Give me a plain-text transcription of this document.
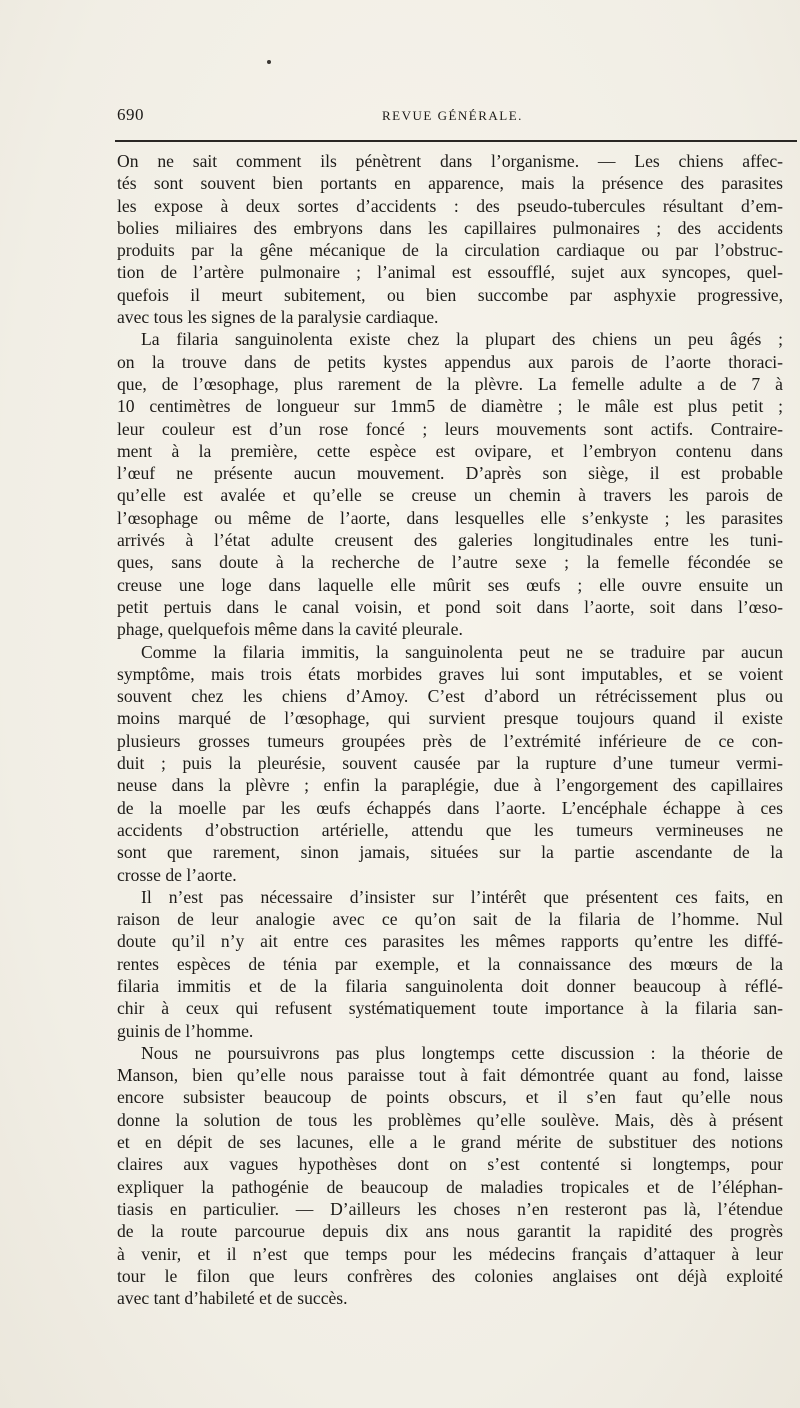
690	REVUE GÉNÉRALE.
On ne sait comment ils pénètrent dans l’organisme. — Les chiens affec-
tés sont souvent bien portants en apparence, mais la présence des parasites
les expose à deux sortes d’accidents : des pseudo-tubercules résultant d’em-
bolies miliaires des embryons dans les capillaires pulmonaires ; des accidents
produits par la gêne mécanique de la circulation cardiaque ou par l’obstruc-
tion de l’artère pulmonaire ; l’animal est essoufflé, sujet aux syncopes, quel-
quefois il meurt subitement, ou bien succombe par asphyxie progressive,
avec tous les signes de la paralysie cardiaque.
La filaria sanguinolenta existe chez la plupart des chiens un peu âgés ;
on la trouve dans de petits kystes appendus aux parois de l’aorte thoraci-
que, de l’œsophage, plus rarement de la plèvre. La femelle adulte a de 7 à
10 centimètres de longueur sur 1mm5 de diamètre ; le mâle est plus petit ;
leur couleur est d’un rose foncé ; leurs mouvements sont actifs. Contraire-
ment à la première, cette espèce est ovipare, et l’embryon contenu dans
l’œuf ne présente aucun mouvement. D’après son siège, il est probable
qu’elle est avalée et qu’elle se creuse un chemin à travers les parois de
l’œsophage ou même de l’aorte, dans lesquelles elle s’enkyste ; les parasites
arrivés à l’état adulte creusent des galeries longitudinales entre les tuni-
ques, sans doute à la recherche de l’autre sexe ; la femelle fécondée se
creuse une loge dans laquelle elle mûrit ses œufs ; elle ouvre ensuite un
petit pertuis dans le canal voisin, et pond soit dans l’aorte, soit dans l’œso-
phage, quelquefois même dans la cavité pleurale.
Comme la filaria immitis, la sanguinolenta peut ne se traduire par aucun
symptôme, mais trois états morbides graves lui sont imputables, et se voient
souvent chez les chiens d’Amoy. C’est d’abord un rétrécissement plus ou
moins marqué de l’œsophage, qui survient presque toujours quand il existe
plusieurs grosses tumeurs groupées près de l’extrémité inférieure de ce con-
duit ; puis la pleurésie, souvent causée par la rupture d’une tumeur vermi-
neuse dans la plèvre ; enfin la paraplégie, due à l’engorgement des capillaires
de la moelle par les œufs échappés dans l’aorte. L’encéphale échappe à ces
accidents d’obstruction artérielle, attendu que les tumeurs vermineuses ne
sont que rarement, sinon jamais, situées sur la partie ascendante de la
crosse de l’aorte.
Il n’est pas nécessaire d’insister sur l’intérêt que présentent ces faits, en
raison de leur analogie avec ce qu’on sait de la filaria de l’homme. Nul
doute qu’il n’y ait entre ces parasites les mêmes rapports qu’entre les diffé-
rentes espèces de ténia par exemple, et la connaissance des mœurs de la
filaria immitis et de la filaria sanguinolenta doit donner beaucoup à réflé-
chir à ceux qui refusent systématiquement toute importance à la filaria san-
guinis de l’homme.
Nous ne poursuivrons pas plus longtemps cette discussion : la théorie de
Manson, bien qu’elle nous paraisse tout à fait démontrée quant au fond, laisse
encore subsister beaucoup de points obscurs, et il s’en faut qu’elle nous
donne la solution de tous les problèmes qu’elle soulève. Mais, dès à présent
et en dépit de ses lacunes, elle a le grand mérite de substituer des notions
claires aux vagues hypothèses dont on s’est contenté si longtemps, pour
expliquer la pathogénie de beaucoup de maladies tropicales et de l’éléphan-
tiasis en particulier. — D’ailleurs les choses n’en resteront pas là, l’étendue
de la route parcourue depuis dix ans nous garantit la rapidité des progrès
à venir, et il n’est que temps pour les médecins français d’attaquer à leur
tour le filon que leurs confrères des colonies anglaises ont déjà exploité
avec tant d’habileté et de succès.
